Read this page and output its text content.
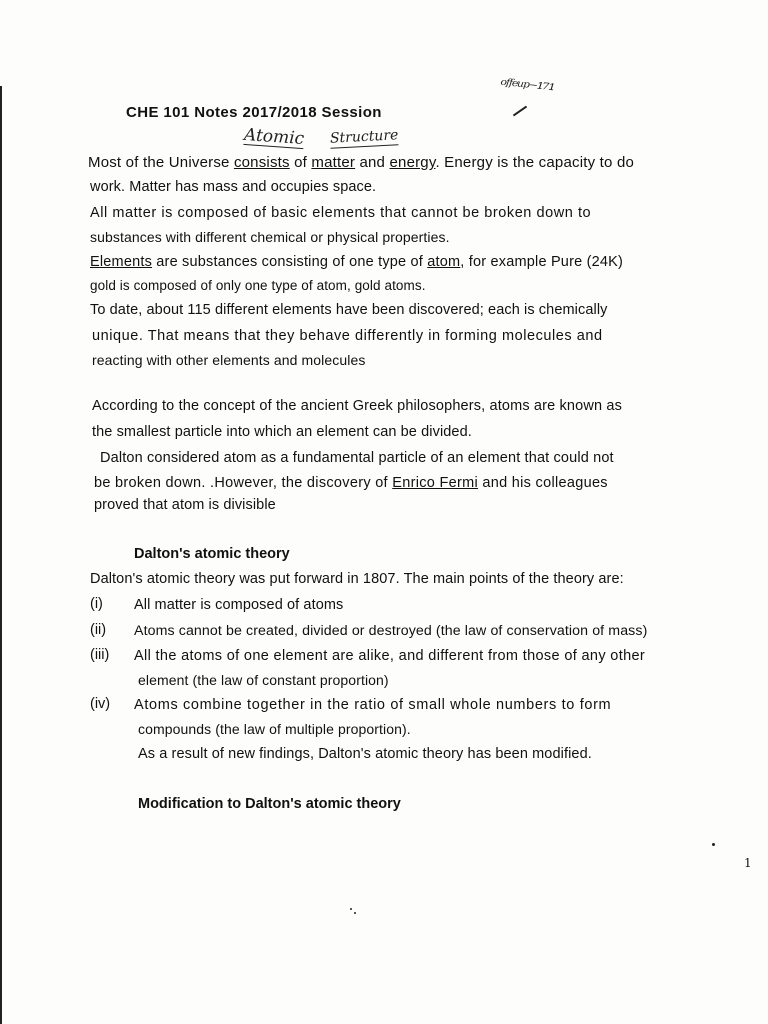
ᵒᶠᶠᵉᵘᵖ⁻¹⁷¹
CHE 101 Notes 2017/2018 Session
Atomic Structure
Most of the Universe consists of matter and energy. Energy is the capacity to do
work. Matter has mass and occupies space.
All matter is composed of basic elements that cannot be broken down to
substances with different chemical or physical properties.
Elements are substances consisting of one type of atom, for example Pure (24K)
gold is composed of only one type of atom, gold atoms.
To date, about 115 different elements have been discovered; each is chemically
unique. That means that they behave differently in forming molecules and
reacting with other elements and molecules
According to the concept of the ancient Greek philosophers, atoms are known as
the smallest particle into which an element can be divided.
Dalton considered atom as a fundamental particle of an element that could not
be broken down. .However, the discovery of Enrico Fermi and his colleagues
proved that atom is divisible
Dalton's atomic theory
Dalton's atomic theory was put forward in 1807. The main points of the theory are:
(i) All matter is composed of atoms
(ii) Atoms cannot be created, divided or destroyed (the law of conservation of mass)
(iii) All the atoms of one element are alike, and different from those of any other
element (the law of constant proportion)
(iv) Atoms combine together in the ratio of small whole numbers to form
compounds (the law of multiple proportion).
As a result of new findings, Dalton's atomic theory has been modified.
Modification to Dalton's atomic theory
1
